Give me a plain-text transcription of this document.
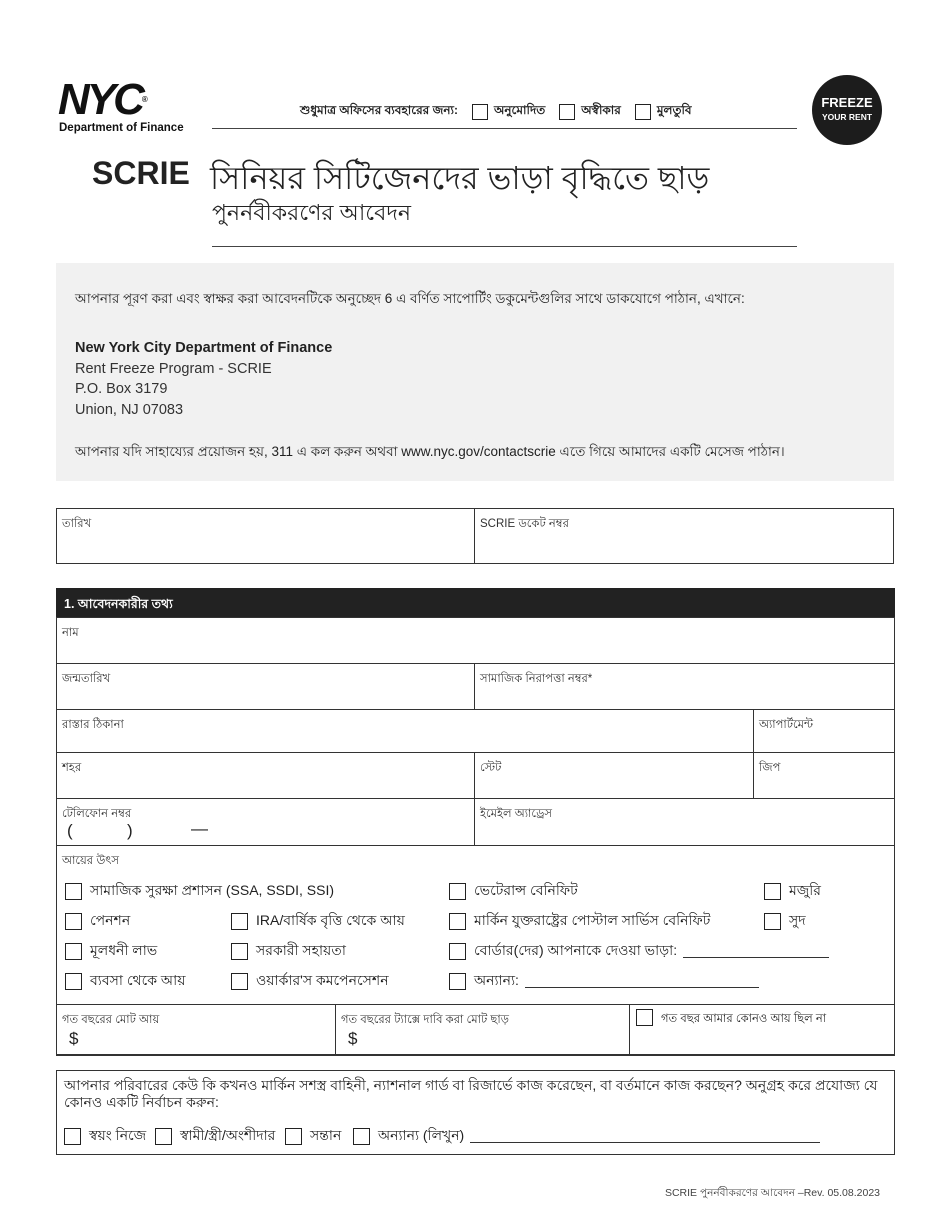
NYC®
Department of Finance
শুধুমাত্র অফিসের ব্যবহারের জন্য:	অনুমোদিত	অস্বীকার	মুলতুবি	FREEZE
YOUR RENT
SCRIE সিনিয়র সিটিজেনদের ভাড়া বৃদ্ধিতে ছাড়
পুনর্নবীকরণের আবেদন
আপনার পূরণ করা এবং স্বাক্ষর করা আবেদনটিকে অনুচ্ছেদ 6 এ বর্ণিত সাপোর্টিং ডকুমেন্টগুলির সাথে ডাকযোগে পাঠান, এখানে:
New York City Department of Finance
Rent Freeze Program - SCRIE
P.O. Box 3179
Union, NJ 07083
আপনার যদি সাহায্যের প্রয়োজন হয়, 311 এ কল করুন অথবা www.nyc.gov/contactscrie এতে গিয়ে আমাদের একটি মেসেজ পাঠান।
তারিখ	SCRIE ডকেট নম্বর
1. আবেদনকারীর তথ্য
নাম
জন্মতারিখ	সামাজিক নিরাপত্তা নম্বর*
রাস্তার ঠিকানা	অ্যাপার্টমেন্ট
শহর	স্টেট	জিপ
টেলিফোন নম্বর
(	)	—
ইমেইল অ্যাড্রেস
আয়ের উৎস
সামাজিক সুরক্ষা প্রশাসন (SSA, SSDI, SSI)	ভেটেরান্স বেনিফিট	মজুরি
পেনশন	IRA/বার্ষিক বৃত্তি থেকে আয়	মার্কিন যুক্তরাষ্ট্রের পোস্টাল সার্ভিস বেনিফিট	সুদ
মূলধনী লাভ	সরকারী সহায়তা	বোর্ডার(দের) আপনাকে দেওয়া ভাড়া:
ব্যবসা থেকে আয়	ওয়ার্কার'স কমপেনসেশন	অন্যান্য:
গত বছরের মোট আয়
$
গত বছরের ট্যাক্সে দাবি করা মোট ছাড়
$
গত বছর আমার কোনও আয় ছিল না
আপনার পরিবারের কেউ কি কখনও মার্কিন সশস্ত্র বাহিনী, ন্যাশনাল গার্ড বা রিজার্ভে কাজ করেছেন, বা বর্তমানে কাজ করছেন? অনুগ্রহ করে প্রযোজ্য যে কোনও একটি নির্বাচন করুন:
স্বয়ং নিজে স্বামী/স্ত্রী/অংশীদার সন্তান	অন্যান্য (লিখুন)
SCRIE পুনর্নবীকরণের আবেদন –Rev. 05.08.2023
